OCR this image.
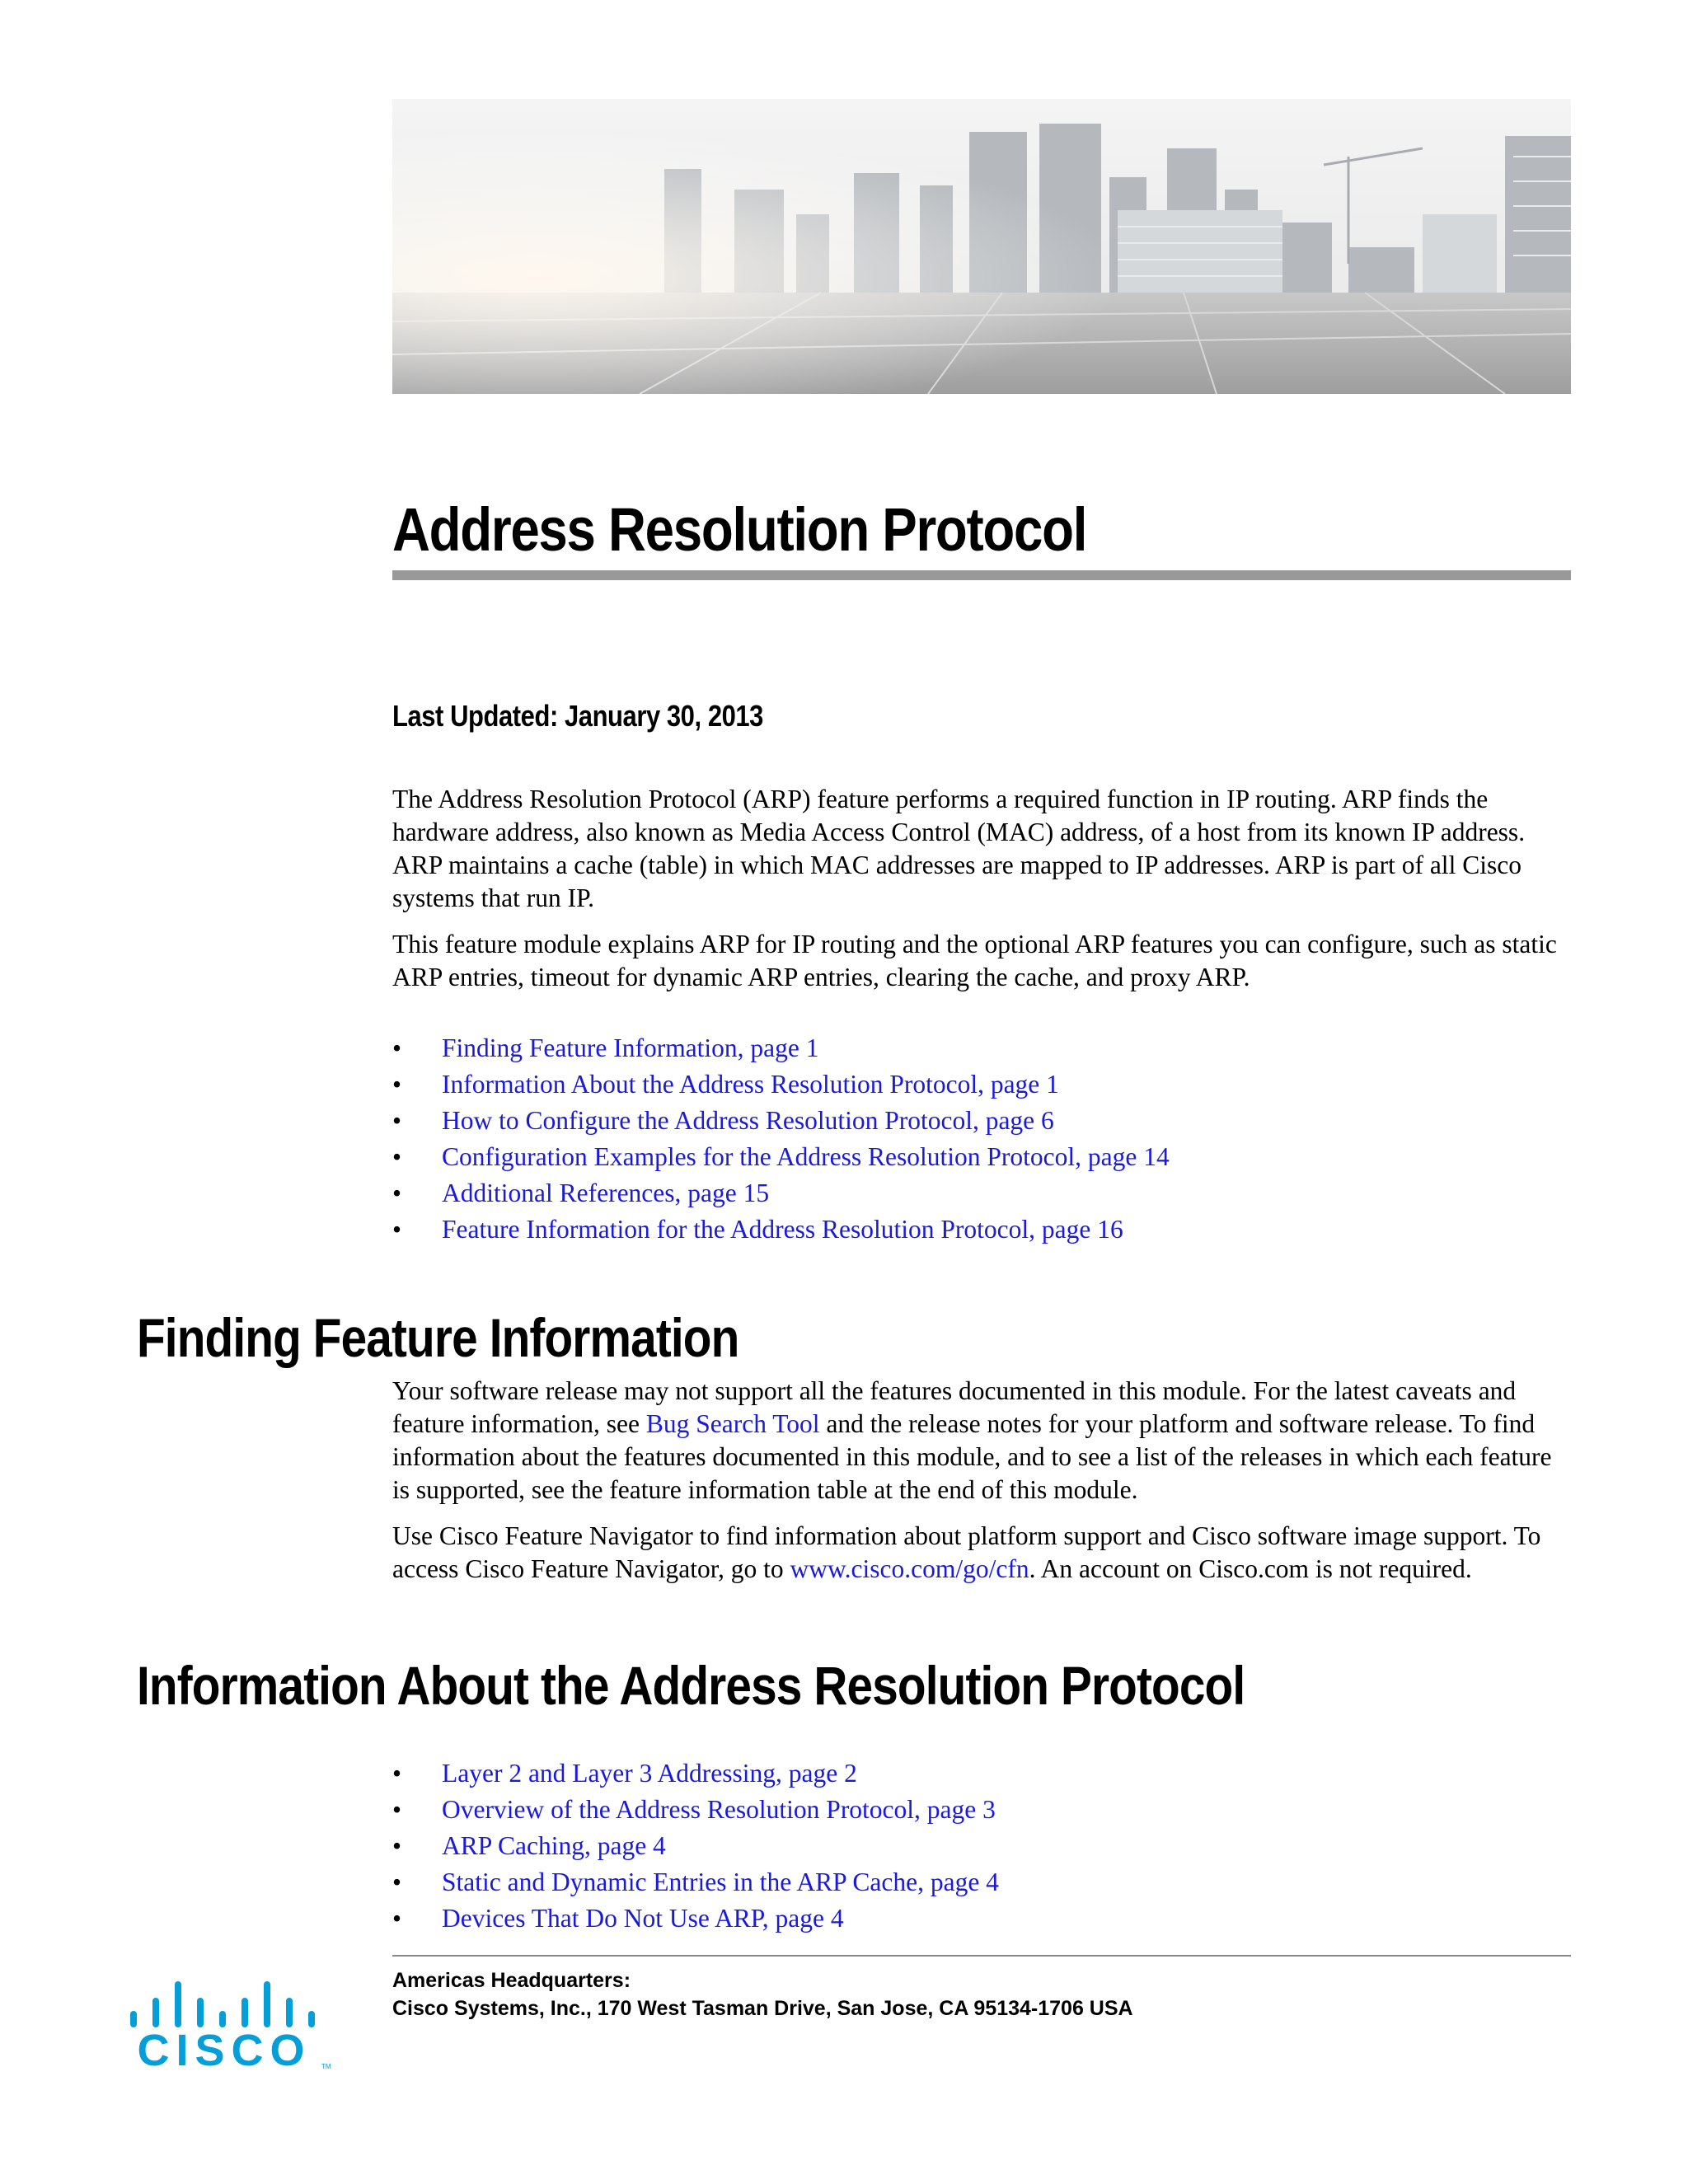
Address Resolution Protocol

Last Updated: January 30, 2013

The Address Resolution Protocol (ARP) feature performs a required function in IP routing. ARP finds the hardware address, also known as Media Access Control (MAC) address, of a host from its known IP address. ARP maintains a cache (table) in which MAC addresses are mapped to IP addresses. ARP is part of all Cisco systems that run IP.

This feature module explains ARP for IP routing and the optional ARP features you can configure, such as static ARP entries, timeout for dynamic ARP entries, clearing the cache, and proxy ARP.

• Finding Feature Information, page 1
• Information About the Address Resolution Protocol, page 1
• How to Configure the Address Resolution Protocol, page 6
• Configuration Examples for the Address Resolution Protocol, page 14
• Additional References, page 15
• Feature Information for the Address Resolution Protocol, page 16
Finding Feature Information

Your software release may not support all the features documented in this module. For the latest caveats and feature information, see Bug Search Tool and the release notes for your platform and software release. To find information about the features documented in this module, and to see a list of the releases in which each feature is supported, see the feature information table at the end of this module.

Use Cisco Feature Navigator to find information about platform support and Cisco software image support. To access Cisco Feature Navigator, go to www.cisco.com/go/cfn. An account on Cisco.com is not required.

Information About the Address Resolution Protocol
• Layer 2 and Layer 3 Addressing, page 2
• Overview of the Address Resolution Protocol, page 3
• ARP Caching, page 4
• Static and Dynamic Entries in the ARP Cache, page 4
• Devices That Do Not Use ARP, page 4

Americas Headquarters:

Cisco Systems, Inc., 170 West Tasman Drive, San Jose, CA 95134-1706 USA

CISCO TM
